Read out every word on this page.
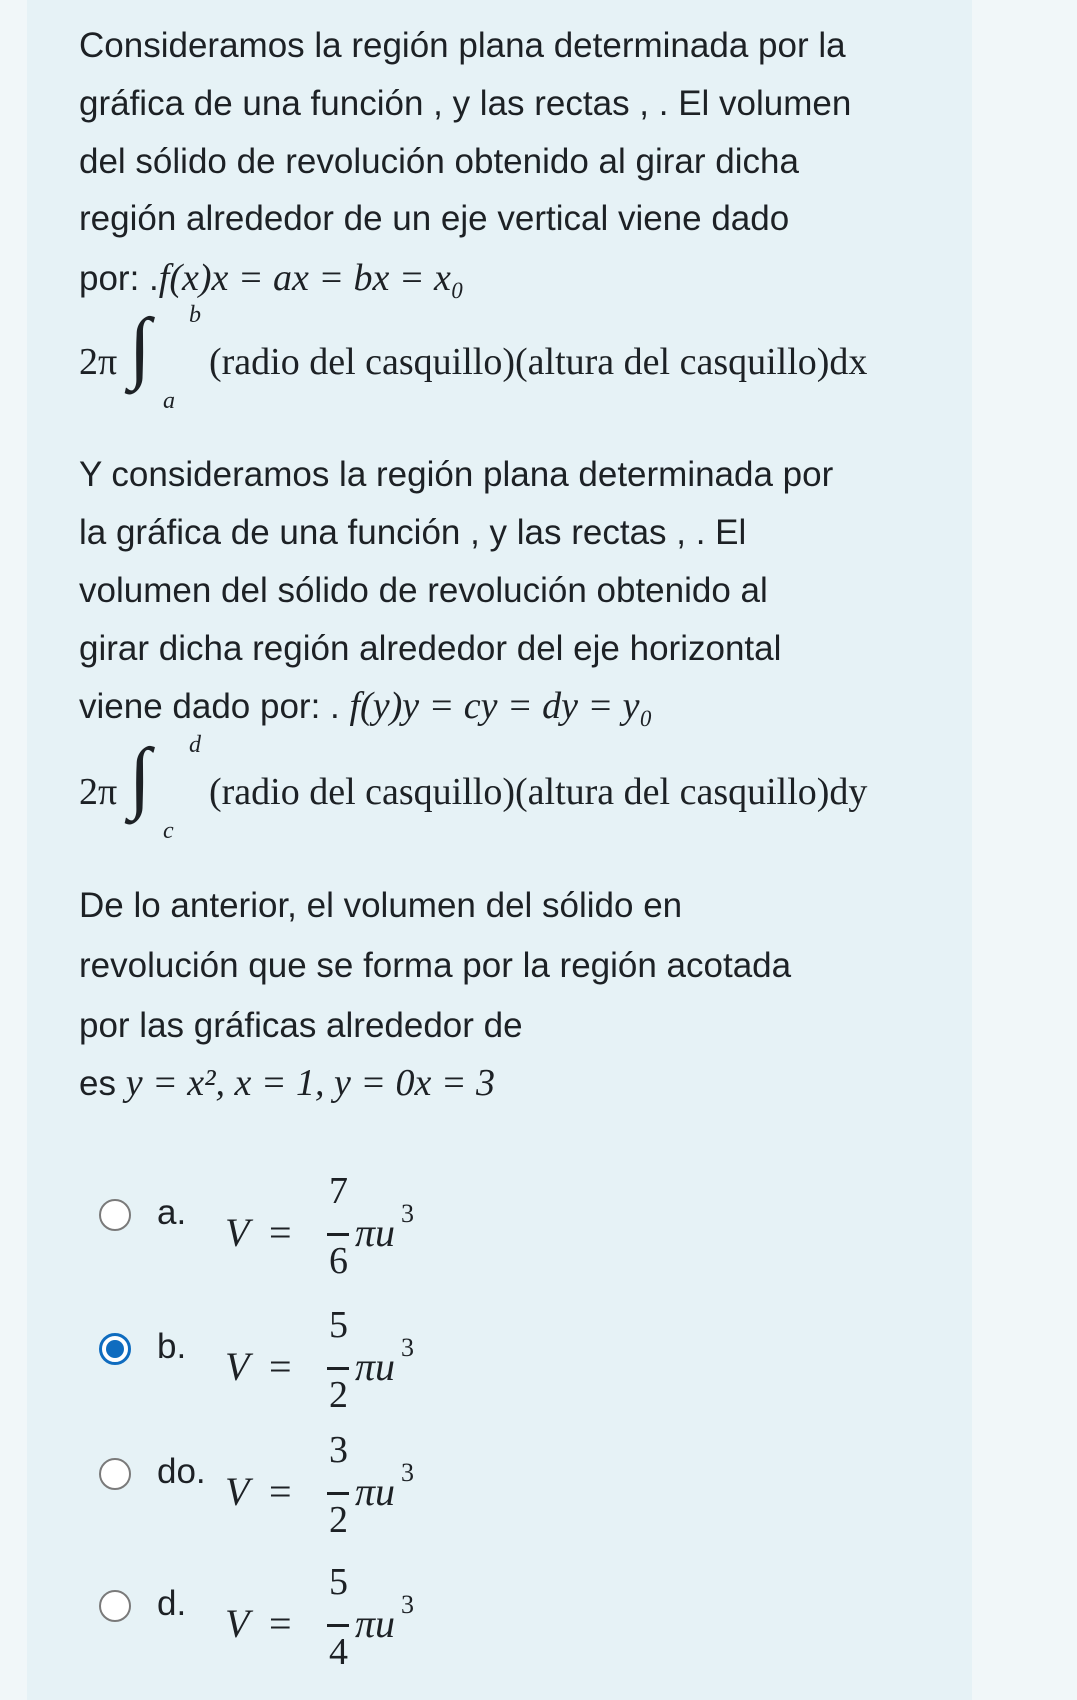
Consideramos la región plana determinada por la
gráfica de una función , y las rectas , . El volumen
del sólido de revolución obtenido al girar dicha
región alrededor de un eje vertical viene dado
por: .f(x)x = ax = bx = x₀
2π ∫ b
a
(radio del casquillo)(altura del casquillo)dx
Y consideramos la región plana determinada por
la gráfica de una función , y las rectas , . El
volumen del sólido de revolución obtenido al
girar dicha región alrededor del eje horizontal
viene dado por: . f(y)y = cy = dy = y₀
2π ∫ d
c
(radio del casquillo)(altura del casquillo)dy
De lo anterior, el volumen del sólido en
revolución que se forma por la región acotada
por las gráficas alrededor de
es y = x², x = 1, y = 0x = 3
a. V =
7
6
πu 3
b. V =
5
2
πu 3
do. V =
3
2
πu 3
d. V =
5
4
πu 3
